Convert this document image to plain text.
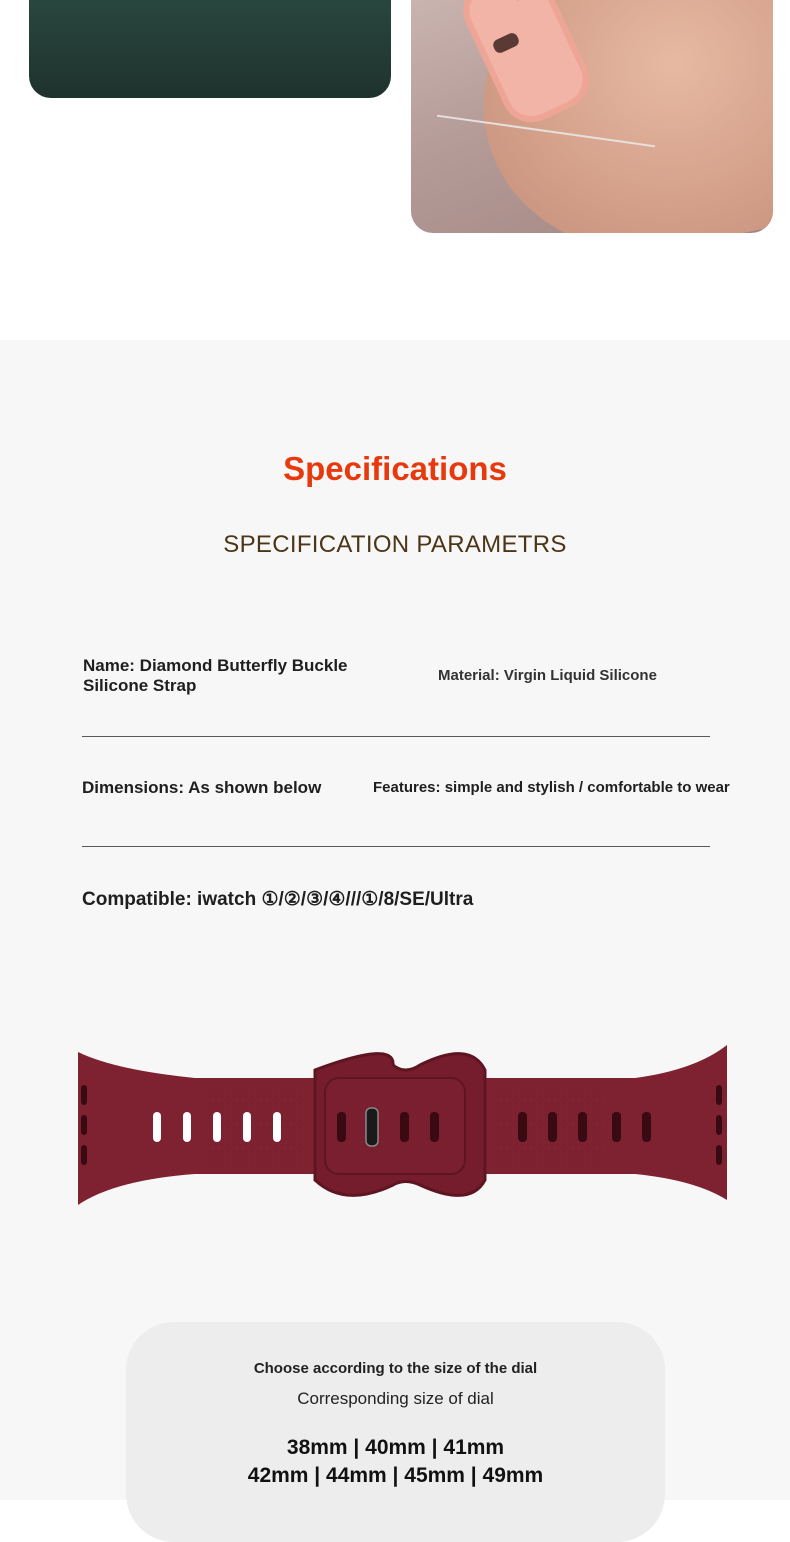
Specifications
SPECIFICATION PARAMETRS
Name: Diamond Butterfly Buckle Silicone Strap
Material: Virgin Liquid Silicone
Dimensions: As shown below	Features: simple and stylish / comfortable to wear
Compatible: iwatch ①/②/③/④///①/8/SE/Ultra
Choose according to the size of the dial
Corresponding size of dial
38mm | 40mm | 41mm
42mm | 44mm | 45mm | 49mm
